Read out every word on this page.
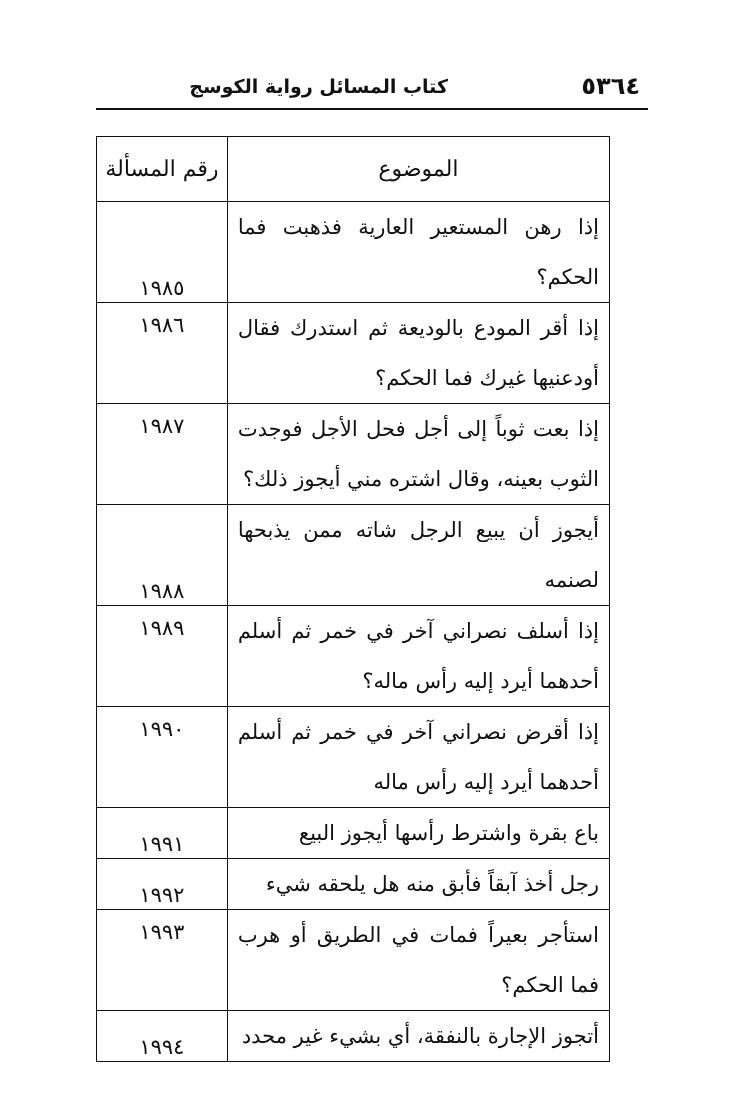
٥٣٦٤
كتاب المسائل رواية الكوسج
الموضوع	رقم المسألة

إذا رهن المستعير العارية فذهبت فما الحكم؟	١٩٨٥

إذا أقر المودع بالوديعة ثم استدرك فقال أودعنيها غيرك فما الحكم؟	١٩٨٦

إذا بعت ثوباً إلى أجل فحل الأجل فوجدت الثوب بعينه، وقال اشتره مني أيجوز ذلك؟	١٩٨٧

أيجوز أن يبيع الرجل شاته ممن يذبحها لصنمه	١٩٨٨

إذا أسلف نصراني آخر في خمر ثم أسلم أحدهما أيرد إليه رأس ماله؟	١٩٨٩

إذا أقرض نصراني آخر في خمر ثم أسلم أحدهما أيرد إليه رأس ماله	١٩٩٠

باع بقرة واشترط رأسها أيجوز البيع	١٩٩١

رجل أخذ آبقاً فأبق منه هل يلحقه شيء	١٩٩٢

استأجر بعيراً فمات في الطريق أو هرب فما الحكم؟	١٩٩٣

أتجوز الإجارة بالنفقة، أي بشيء غير محدد	١٩٩٤
